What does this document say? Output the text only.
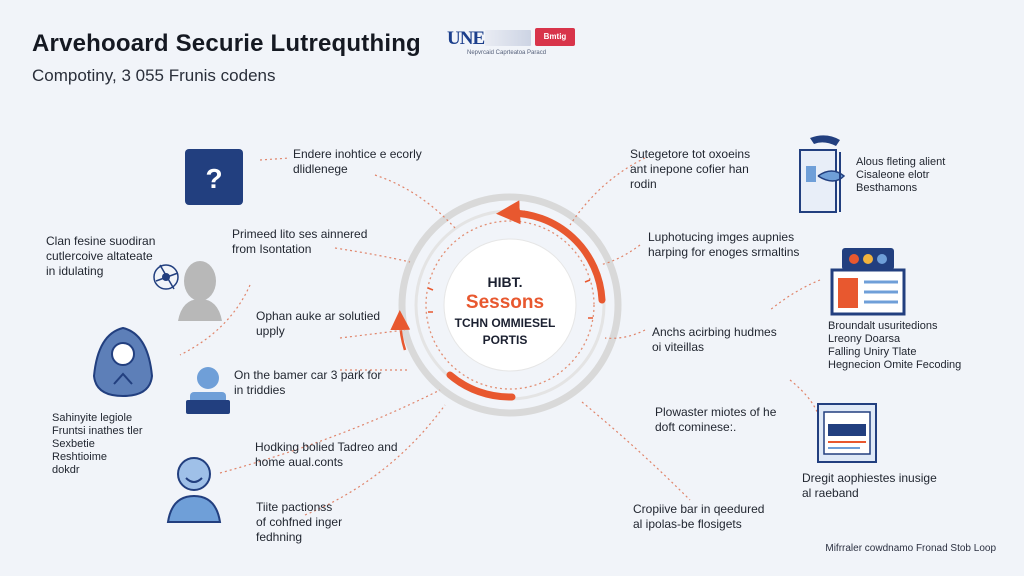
Arvehooard Securie Lutrequthing
Compotiny, 3 055 Frunis codens
UNE	Bmtig
Nepvrcaid Caprteatoa Paracd
HIBT.
Sessons
TCHN OMMIESEL
PORTIS
?
Endere inohtice e ecorly
dlidlenege
Primeed lito ses ainnered
from Isontation
Clan fesine suodiran
cutlercoive altateate
in idulating
Ophan auke ar solutied
upply
On the bamer car 3 park for
in triddies
Sahinyite legiole
Fruntsi inathes tler
Sexbetie
Reshtioime
dokdr
Hodking bolied Tadreo and
home aual.conts
Tiite pactionss
of cohfned inger
fedhning
Sutegetore tot oxoeins
ant inepone cofier han
rodin
Luphotucing imges aupnies
harping for enoges srmaltins
Anchs acirbing hudmes
oi viteillas
Plowaster miotes of he
doft cominese:.
Cropiive bar in qeedured
al ipolas-be flosigets
Alous fleting alient
Cisaleone elotr
Besthamons
Broundalt usuritedions
Lreony Doarsa
Falling Uniry Tlate
Hegnecion Omite Fecoding
Dregit aophiestes inusige
al raeband
Mifrraler cowdnamo Fronad Stob Loop
